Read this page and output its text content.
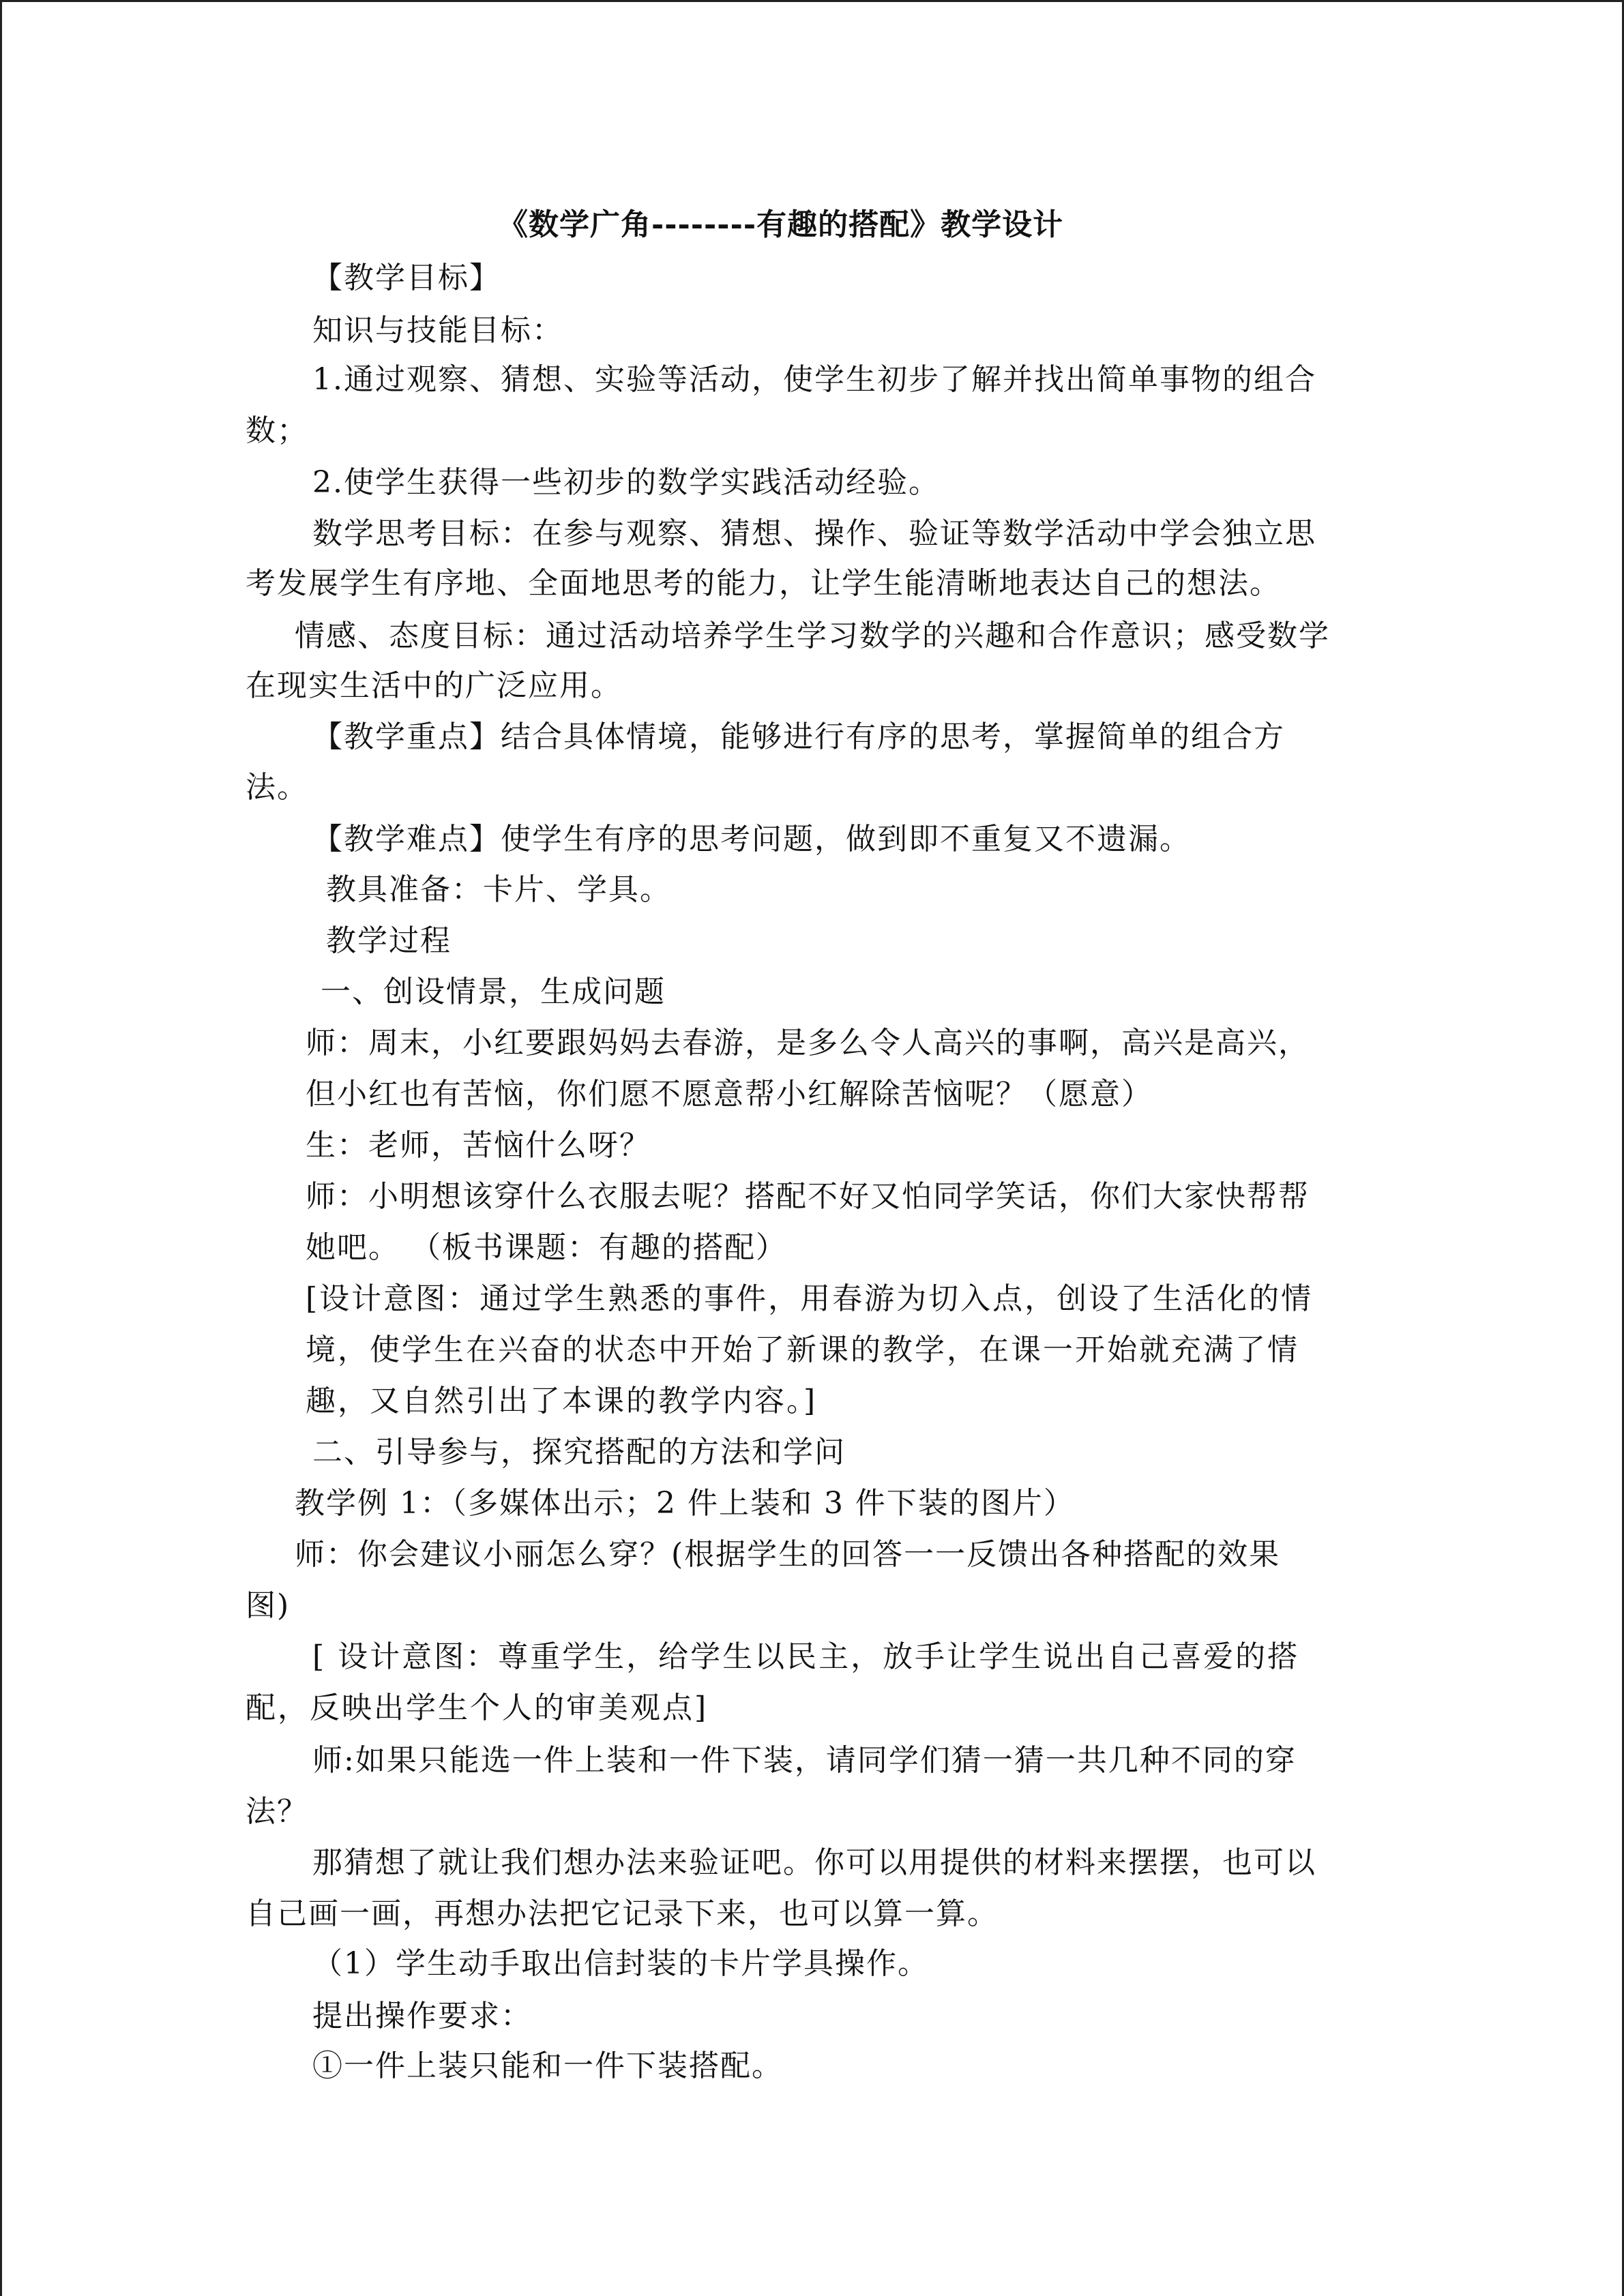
《数学广角--------有趣的搭配》教学设计
【教学目标】
知识与技能目标：
1.通过观察、猜想、实验等活动，使学生初步了解并找出简单事物的组合
数；
2.使学生获得一些初步的数学实践活动经验。
数学思考目标：在参与观察、猜想、操作、验证等数学活动中学会独立思
考发展学生有序地、全面地思考的能力，让学生能清晰地表达自己的想法。
情感、态度目标：通过活动培养学生学习数学的兴趣和合作意识；感受数学
在现实生活中的广泛应用。
【教学重点】结合具体情境，能够进行有序的思考，掌握简单的组合方
法。
【教学难点】使学生有序的思考问题，做到即不重复又不遗漏。
教具准备：卡片、学具。
教学过程
一、创设情景，生成问题
师：周末，小红要跟妈妈去春游，是多么令人高兴的事啊，高兴是高兴，
但小红也有苦恼，你们愿不愿意帮小红解除苦恼呢？（愿意）
生：老师，苦恼什么呀？
师：小明想该穿什么衣服去呢？搭配不好又怕同学笑话，你们大家快帮帮
她吧。 （板书课题：有趣的搭配）
[设计意图：通过学生熟悉的事件，用春游为切入点，创设了生活化的情
境，使学生在兴奋的状态中开始了新课的教学，在课一开始就充满了情
趣，又自然引出了本课的教学内容。]
二、引导参与，探究搭配的方法和学问
教学例 1：（多媒体出示；2 件上装和 3 件下装的图片）
师：你会建议小丽怎么穿？(根据学生的回答一一反馈出各种搭配的效果
图)
[ 设计意图：尊重学生，给学生以民主，放手让学生说出自己喜爱的搭
配，反映出学生个人的审美观点]
师:如果只能选一件上装和一件下装，请同学们猜一猜一共几种不同的穿
法？
那猜想了就让我们想办法来验证吧。你可以用提供的材料来摆摆，也可以
自己画一画，再想办法把它记录下来，也可以算一算。
（1）学生动手取出信封装的卡片学具操作。
提出操作要求：
①一件上装只能和一件下装搭配。
